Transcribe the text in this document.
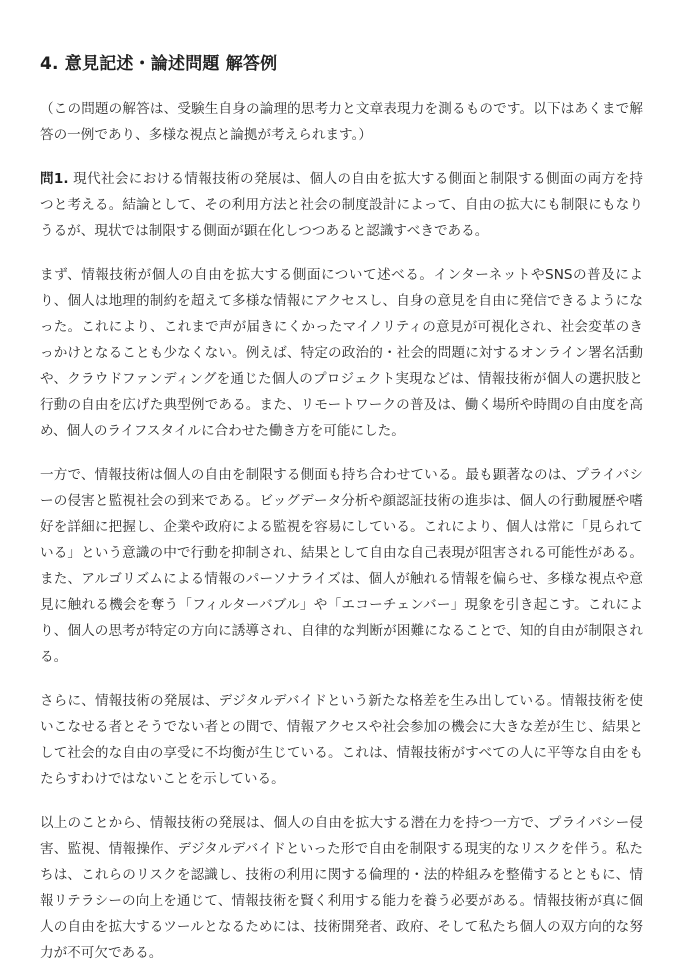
4. 意見記述・論述問題 解答例

（この問題の解答は、受験生自身の論理的思考力と文章表現力を測るものです。以下はあくまで解答の一例であり、多様な視点と論拠が考えられます。）

問1. 現代社会における情報技術の発展は、個人の自由を拡大する側面と制限する側面の両方を持つと考える。結論として、その利用方法と社会の制度設計によって、自由の拡大にも制限にもなりうるが、現状では制限する側面が顕在化しつつあると認識すべきである。

まず、情報技術が個人の自由を拡大する側面について述べる。インターネットやSNSの普及により、個人は地理的制約を超えて多様な情報にアクセスし、自身の意見を自由に発信できるようになった。これにより、これまで声が届きにくかったマイノリティの意見が可視化され、社会変革のきっかけとなることも少なくない。例えば、特定の政治的・社会的問題に対するオンライン署名活動や、クラウドファンディングを通じた個人のプロジェクト実現などは、情報技術が個人の選択肢と行動の自由を広げた典型例である。また、リモートワークの普及は、働く場所や時間の自由度を高め、個人のライフスタイルに合わせた働き方を可能にした。

一方で、情報技術は個人の自由を制限する側面も持ち合わせている。最も顕著なのは、プライバシーの侵害と監視社会の到来である。ビッグデータ分析や顔認証技術の進歩は、個人の行動履歴や嗜好を詳細に把握し、企業や政府による監視を容易にしている。これにより、個人は常に「見られている」という意識の中で行動を抑制され、結果として自由な自己表現が阻害される可能性がある。また、アルゴリズムによる情報のパーソナライズは、個人が触れる情報を偏らせ、多様な視点や意見に触れる機会を奪う「フィルターバブル」や「エコーチェンバー」現象を引き起こす。これにより、個人の思考が特定の方向に誘導され、自律的な判断が困難になることで、知的自由が制限される。

さらに、情報技術の発展は、デジタルデバイドという新たな格差を生み出している。情報技術を使いこなせる者とそうでない者との間で、情報アクセスや社会参加の機会に大きな差が生じ、結果として社会的な自由の享受に不均衡が生じている。これは、情報技術がすべての人に平等な自由をもたらすわけではないことを示している。

以上のことから、情報技術の発展は、個人の自由を拡大する潜在力を持つ一方で、プライバシー侵害、監視、情報操作、デジタルデバイドといった形で自由を制限する現実的なリスクを伴う。私たちは、これらのリスクを認識し、技術の利用に関する倫理的・法的枠組みを整備するとともに、情報リテラシーの向上を通じて、情報技術を賢く利用する能力を養う必要がある。情報技術が真に個人の自由を拡大するツールとなるためには、技術開発者、政府、そして私たち個人の双方向的な努力が不可欠である。
